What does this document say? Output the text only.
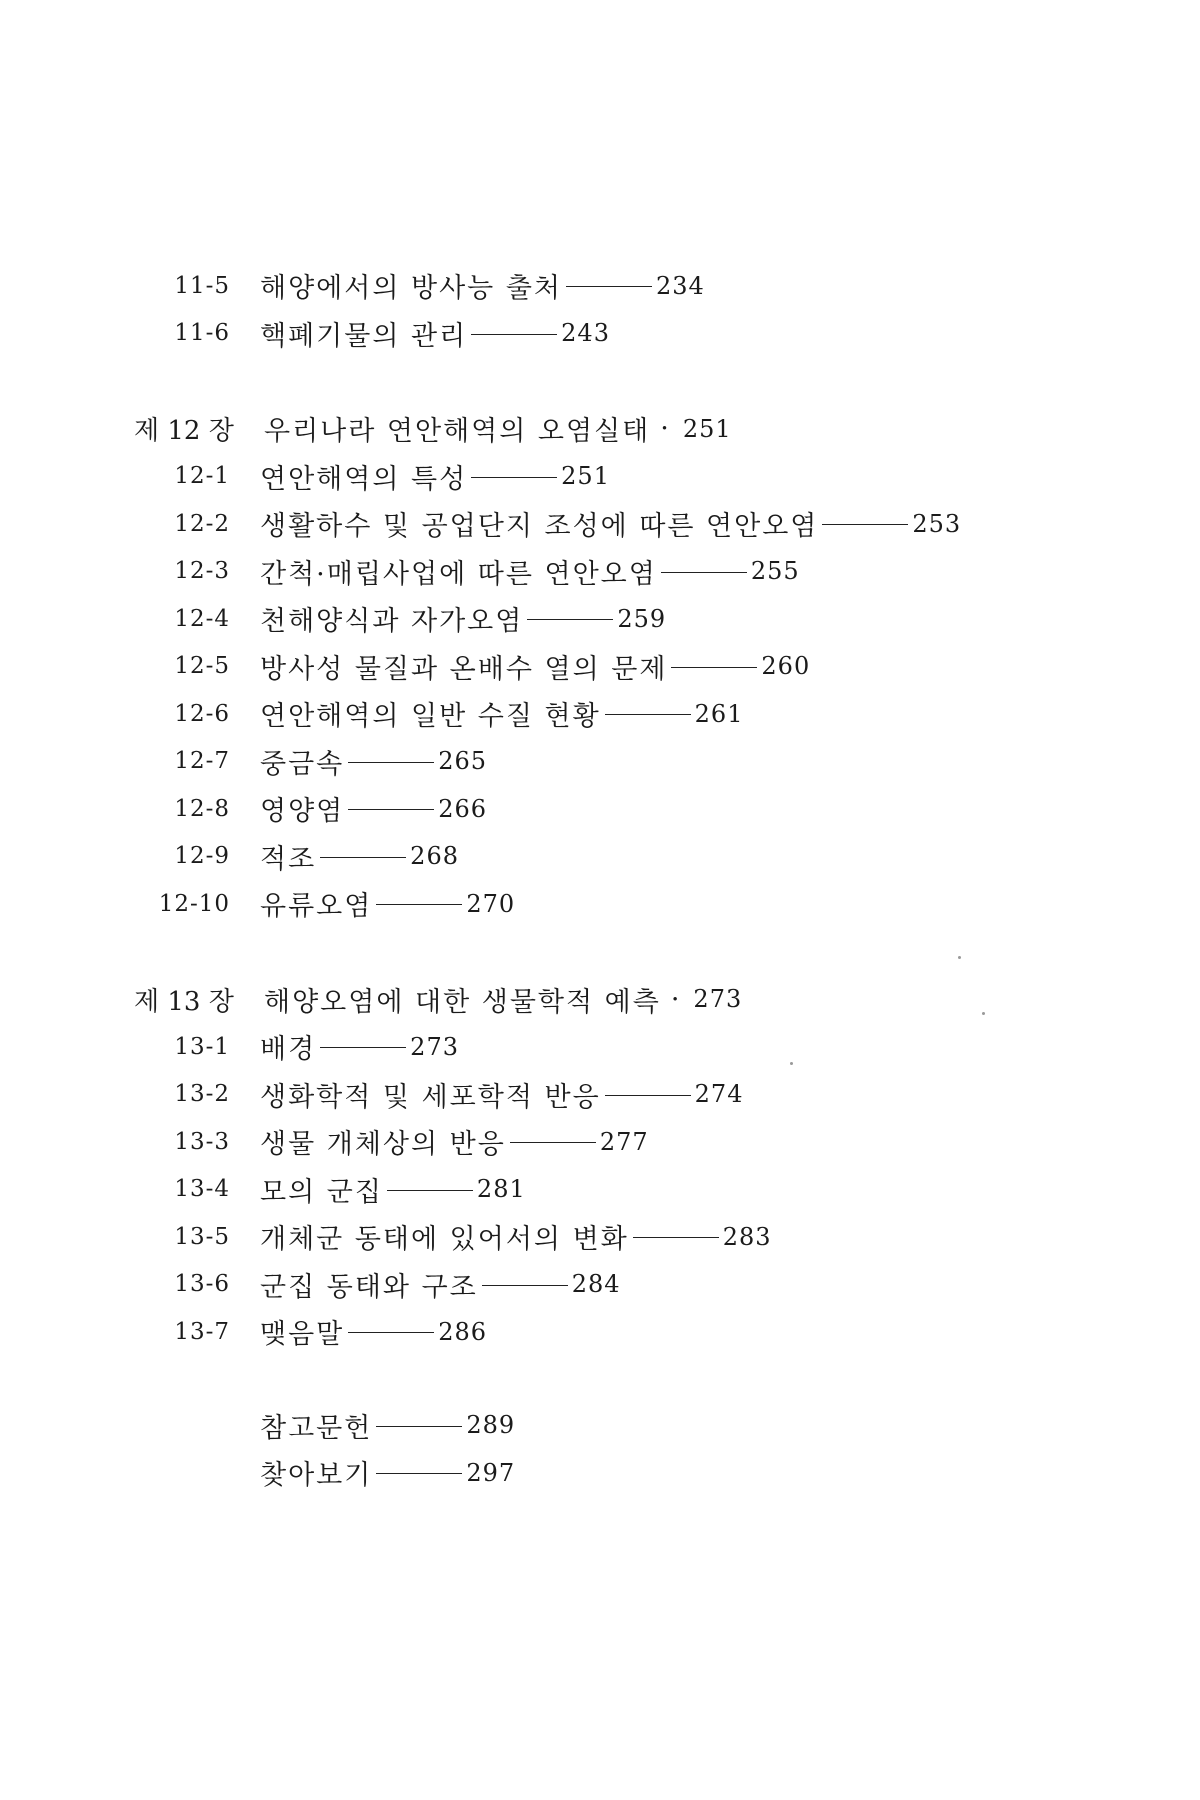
11-5	해양에서의 방사능 출처	234
11-6	핵폐기물의 관리	243
제 12 장	우리나라 연안해역의 오염실태 · 251
12-1	연안해역의 특성	251
12-2	생활하수 및 공업단지 조성에 따른 연안오염	253
12-3	간척·매립사업에 따른 연안오염	255
12-4	천해양식과 자가오염	259
12-5	방사성 물질과 온배수 열의 문제	260
12-6	연안해역의 일반 수질 현황	261
12-7	중금속	265
12-8	영양염	266
12-9	적조	268
12-10	유류오염	270
제 13 장	해양오염에 대한 생물학적 예측 · 273
13-1	배경	273
13-2	생화학적 및 세포학적 반응	274
13-3	생물 개체상의 반응	277
13-4	모의 군집	281
13-5	개체군 동태에 있어서의 변화	283
13-6	군집 동태와 구조	284
13-7	맺음말	286
참고문헌	289
찾아보기	297
